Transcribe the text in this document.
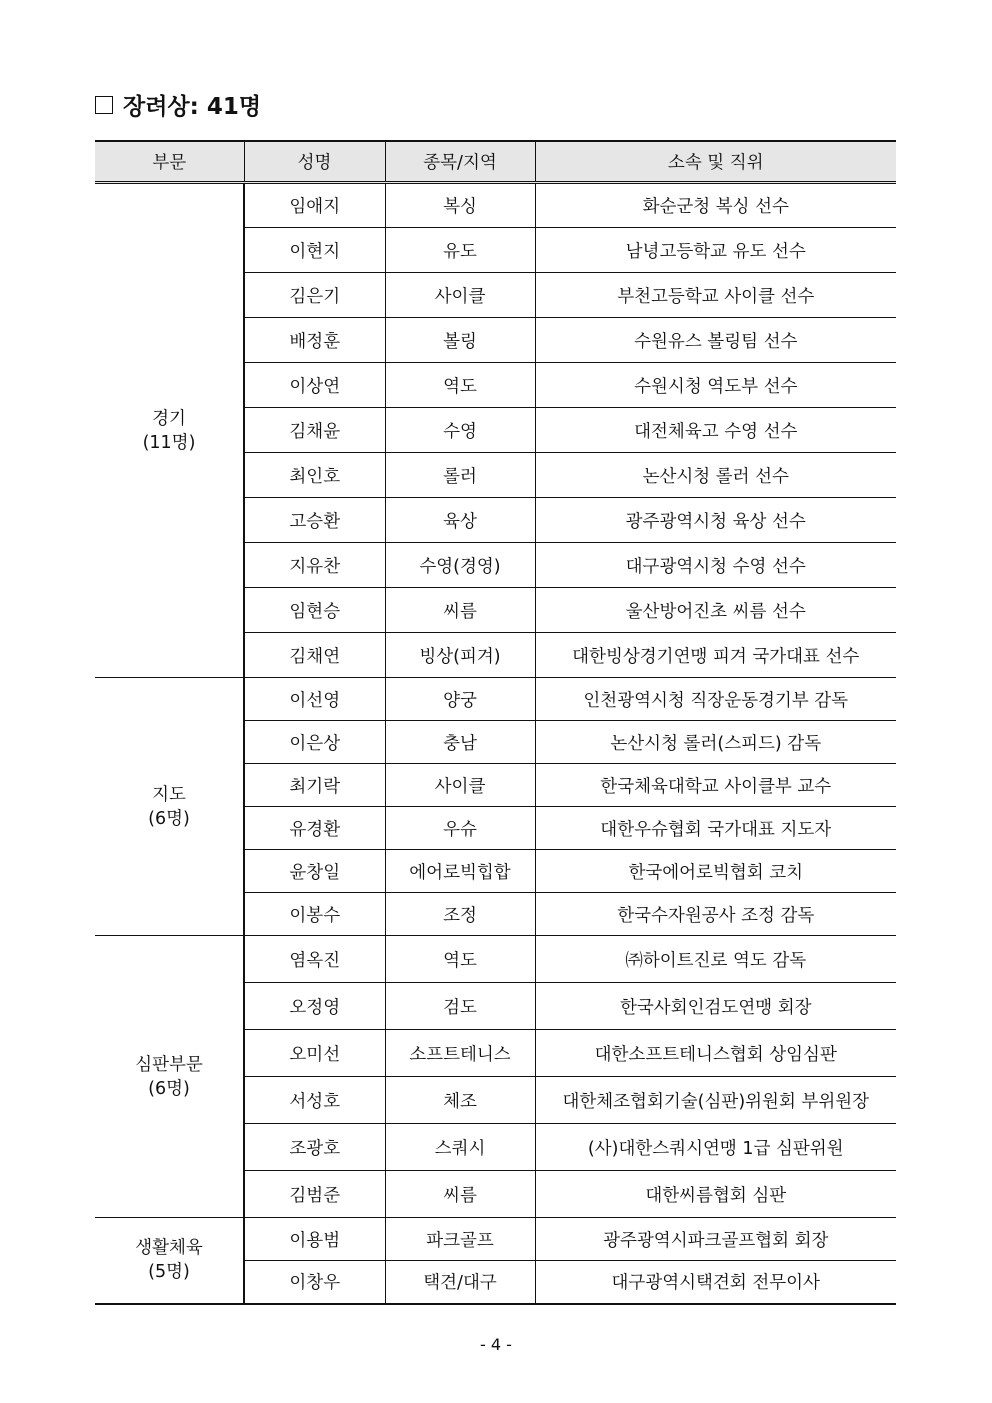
장려상: 41명
부문	성명	종목/지역	소속 및 직위

경기
(11명)	임애지	복싱	화순군청 복싱 선수
	이현지	유도	남녕고등학교 유도 선수
	김은기	사이클	부천고등학교 사이클 선수
	배정훈	볼링	수원유스 볼링팀 선수
	이상연	역도	수원시청 역도부 선수
	김채윤	수영	대전체육고 수영 선수
	최인호	롤러	논산시청 롤러 선수
	고승환	육상	광주광역시청 육상 선수
	지유찬	수영(경영)	대구광역시청 수영 선수
	임현승	씨름	울산방어진초 씨름 선수
	김채연	빙상(피겨)	대한빙상경기연맹 피겨 국가대표 선수

지도
(6명)	이선영	양궁	인천광역시청 직장운동경기부 감독
	이은상	충남	논산시청 롤러(스피드) 감독
	최기락	사이클	한국체육대학교 사이클부 교수
	유경환	우슈	대한우슈협회 국가대표 지도자
	윤창일	에어로빅힙합	한국에어로빅협회 코치
	이봉수	조정	한국수자원공사 조정 감독

심판부문
(6명)	염옥진	역도	㈜하이트진로 역도 감독
	오정영	검도	한국사회인검도연맹 회장
	오미선	소프트테니스	대한소프트테니스협회 상임심판
	서성호	체조	대한체조협회기술(심판)위원회 부위원장
	조광호	스쿼시	(사)대한스쿼시연맹 1급 심판위원
	김범준	씨름	대한씨름협회 심판

생활체육
(5명)	이용범	파크골프	광주광역시파크골프협회 회장
	이창우	택견/대구	대구광역시택견회 전무이사
- 4 -
